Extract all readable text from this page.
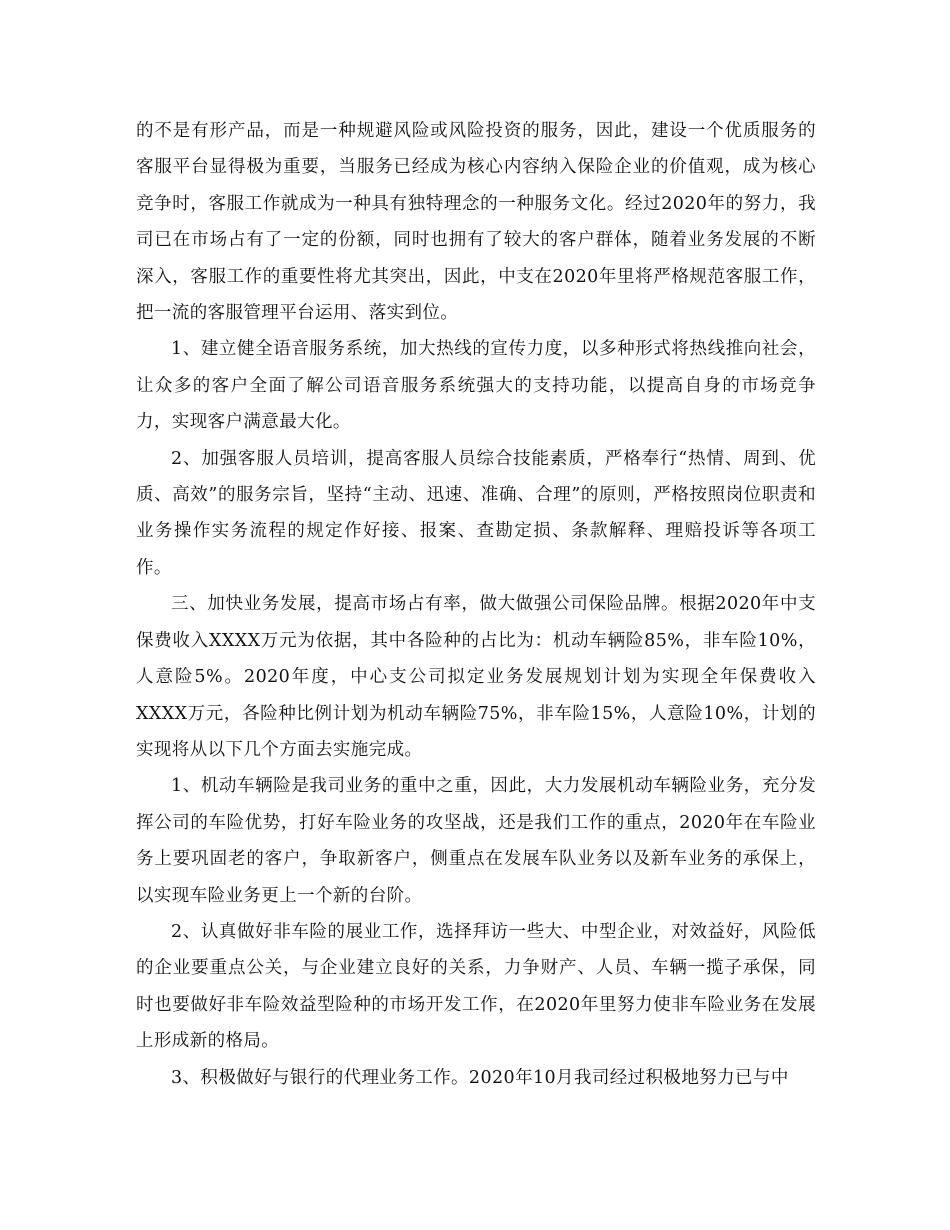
的不是有形产品，而是一种规避风险或风险投资的服务，因此，建设一个优质服务的客服平台显得极为重要，当服务已经成为核心内容纳入保险企业的价值观，成为核心竞争时，客服工作就成为一种具有独特理念的一种服务文化。经过2020年的努力，我司已在市场占有了一定的份额，同时也拥有了较大的客户群体，随着业务发展的不断深入，客服工作的重要性将尤其突出，因此，中支在2020年里将严格规范客服工作，把一流的客服管理平台运用、落实到位。

1、建立健全语音服务系统，加大热线的宣传力度，以多种形式将热线推向社会，让众多的客户全面了解公司语音服务系统强大的支持功能，以提高自身的市场竞争力，实现客户满意最大化。

2、加强客服人员培训，提高客服人员综合技能素质，严格奉行“热情、周到、优质、高效”的服务宗旨，坚持“主动、迅速、准确、合理”的原则，严格按照岗位职责和业务操作实务流程的规定作好接、报案、查勘定损、条款解释、理赔投诉等各项工作。

三、加快业务发展，提高市场占有率，做大做强公司保险品牌。根据2020年中支保费收入XXXX万元为依据，其中各险种的占比为：机动车辆险85%，非车险10%，人意险5%。2020年度，中心支公司拟定业务发展规划计划为实现全年保费收入XXXX万元，各险种比例计划为机动车辆险75%，非车险15%，人意险10%，计划的实现将从以下几个方面去实施完成。

1、机动车辆险是我司业务的重中之重，因此，大力发展机动车辆险业务，充分发挥公司的车险优势，打好车险业务的攻坚战，还是我们工作的重点，2020年在车险业务上要巩固老的客户，争取新客户，侧重点在发展车队业务以及新车业务的承保上，以实现车险业务更上一个新的台阶。

2、认真做好非车险的展业工作，选择拜访一些大、中型企业，对效益好，风险低的企业要重点公关，与企业建立良好的关系，力争财产、人员、车辆一揽子承保，同时也要做好非车险效益型险种的市场开发工作，在2020年里努力使非车险业务在发展上形成新的格局。

3、积极做好与银行的代理业务工作。2020年10月我司经过积极地努力已与中
